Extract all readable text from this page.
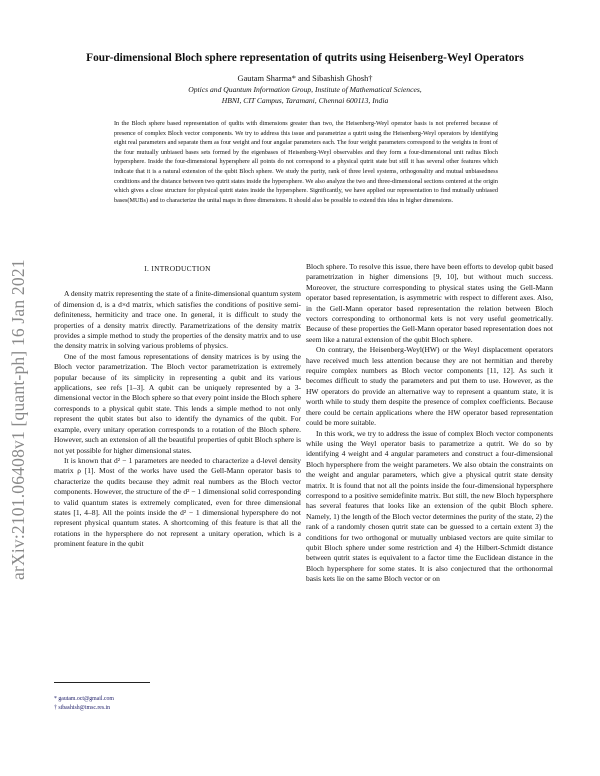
arXiv:2101.06408v1 [quant-ph] 16 Jan 2021
Four-dimensional Bloch sphere representation of qutrits using Heisenberg-Weyl Operators
Gautam Sharma* and Sibashish Ghosh†
Optics and Quantum Information Group, Institute of Mathematical Sciences,
HBNI, CIT Campus, Taramani, Chennai 600113, India
In the Bloch sphere based representation of qudits with dimensions greater than two, the Heisenberg-Weyl operator basis is not preferred because of presence of complex Bloch vector components. We try to address this issue and parametrize a qutrit using the Heisenberg-Weyl operators by identifying eight real parameters and separate them as four weight and four angular parameters each. The four weight parameters correspond to the weights in front of the four mutually unbiased bases sets formed by the eigenbases of Heisenberg-Weyl observables and they form a four-dimensional unit radius Bloch hypersphere. Inside the four-dimensional hypersphere all points do not correspond to a physical qutrit state but still it has several other features which indicate that it is a natural extension of the qubit Bloch sphere. We study the purity, rank of three level systems, orthogonality and mutual unbiasedness conditions and the distance between two qutrit states inside the hypersphere. We also analyze the two and three-dimensional sections centered at the origin which gives a close structure for physical qutrit states inside the hypersphere. Significantly, we have applied our representation to find mutually unbiased bases(MUBs) and to characterize the unital maps in three dimensions. It should also be possible to extend this idea in higher dimensions.
I. INTRODUCTION

A density matrix representing the state of a finite-dimensional quantum system of dimension d, is a d×d matrix, which satisfies the conditions of positive semi-definiteness, hermiticity and trace one. In general, it is difficult to study the properties of a density matrix directly. Parametrizations of the density matrix provides a simple method to study the properties of the density matrix and to use the density matrix in solving various problems of physics.

One of the most famous representations of density matrices is by using the Bloch vector parametrization. The Bloch vector parametrization is extremely popular because of its simplicity in representing a qubit and its various applications, see refs [1–3]. A qubit can be uniquely represented by a 3-dimensional vector in the Bloch sphere so that every point inside the Bloch sphere corresponds to a physical qubit state. This lends a simple method to not only represent the qubit states but also to identify the dynamics of the qubit. For example, every unitary operation corresponds to a rotation of the Bloch sphere. However, such an extension of all the beautiful properties of qubit Bloch sphere is not yet possible for higher dimensional states.

It is known that d² − 1 parameters are needed to characterize a d-level density matrix ρ [1]. Most of the works have used the Gell-Mann operator basis to characterize the qudits because they admit real numbers as the Bloch vector components. However, the structure of the d² − 1 dimensional solid corresponding to valid quantum states is extremely complicated, even for three dimensional states [1, 4–8]. All the points inside the d² − 1 dimensional hypersphere do not represent physical quantum states. A shortcoming of this feature is that all the rotations in the hypersphere do not represent a unitary operation, which is a prominent feature in the qubit

Bloch sphere. To resolve this issue, there have been efforts to develop qubit based parametrization in higher dimensions [9, 10], but without much success. Moreover, the structure corresponding to physical states using the Gell-Mann operator based representation, is asymmetric with respect to different axes. Also, in the Gell-Mann operator based representation the relation between Bloch vectors corresponding to orthonormal kets is not very useful geometrically. Because of these properties the Gell-Mann operator based representation does not seem like a natural extension of the qubit Bloch sphere.

On contrary, the Heisenberg-Weyl(HW) or the Weyl displacement operators have received much less attention because they are not hermitian and thereby require complex numbers as Bloch vector components [11, 12]. As such it becomes difficult to study the parameters and put them to use. However, as the HW operators do provide an alternative way to represent a quantum state, it is worth while to study them despite the presence of complex coefficients. Because there could be certain applications where the HW operator based representation could be more suitable.

In this work, we try to address the issue of complex Bloch vector components while using the Weyl operator basis to parametrize a qutrit. We do so by identifying 4 weight and 4 angular parameters and construct a four-dimensional Bloch hypersphere from the weight parameters. We also obtain the constraints on the weight and angular parameters, which give a physical qutrit state density matrix. It is found that not all the points inside the four-dimensional hypersphere correspond to a positive semidefinite matrix. But still, the new Bloch hypersphere has several features that looks like an extension of the qubit Bloch sphere. Namely, 1) the length of the Bloch vector determines the purity of the state, 2) the rank of a randomly chosen qutrit state can be guessed to a certain extent 3) the conditions for two orthogonal or mutually unbiased vectors are quite similar to qubit Bloch sphere under some restriction and 4) the Hilbert-Schmidt distance between qutrit states is equivalent to a factor time the Euclidean distance in the Bloch hypersphere for some states. It is also conjectured that the orthonormal basis kets lie on the same Bloch vector or on

* gautam.oct@gmail.com
† sibashish@imsc.res.in
